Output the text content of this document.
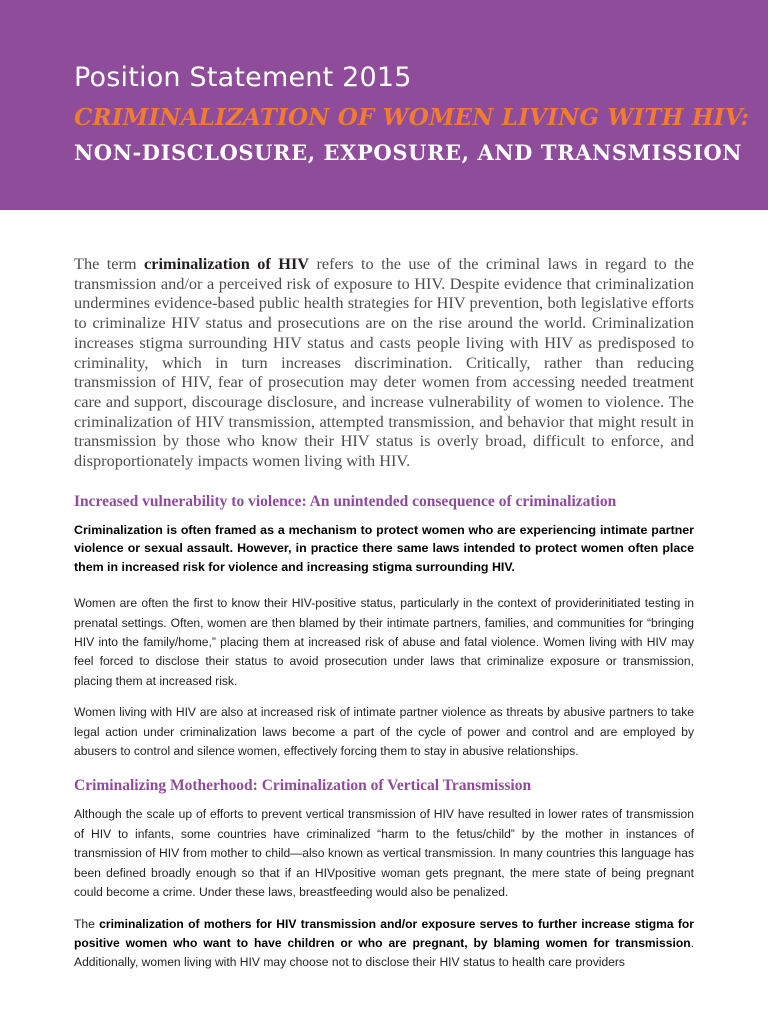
Position Statement 2015
CRIMINALIZATION OF WOMEN LIVING WITH HIV:
NON-DISCLOSURE, EXPOSURE, AND TRANSMISSION

The term criminalization of HIV refers to the use of the criminal laws in regard to the transmission and/or a perceived risk of exposure to HIV. Despite evidence that criminalization undermines evidence-based public health strategies for HIV prevention, both legislative efforts to criminalize HIV status and prosecutions are on the rise around the world. Criminalization increases stigma surrounding HIV status and casts people living with HIV as predisposed to criminality, which in turn increases discrimination. Critically, rather than reducing transmission of HIV, fear of prosecution may deter women from accessing needed treatment care and support, discourage disclosure, and increase vulnerability of women to violence. The criminalization of HIV transmission, attempted transmission, and behavior that might result in transmission by those who know their HIV status is overly broad, difficult to enforce, and disproportionately impacts women living with HIV.

Increased vulnerability to violence: An unintended consequence of criminalization

Criminalization is often framed as a mechanism to protect women who are experiencing intimate partner violence or sexual assault. However, in practice there same laws intended to protect women often place them in increased risk for violence and increasing stigma surrounding HIV.

Women are often the first to know their HIV-positive status, particularly in the context of providerinitiated testing in prenatal settings. Often, women are then blamed by their intimate partners, families, and communities for “bringing HIV into the family/home,” placing them at increased risk of abuse and fatal violence. Women living with HIV may feel forced to disclose their status to avoid prosecution under laws that criminalize exposure or transmission, placing them at increased risk.

Women living with HIV are also at increased risk of intimate partner violence as threats by abusive partners to take legal action under criminalization laws become a part of the cycle of power and control and are employed by abusers to control and silence women, effectively forcing them to stay in abusive relationships.

Criminalizing Motherhood: Criminalization of Vertical Transmission

Although the scale up of efforts to prevent vertical transmission of HIV have resulted in lower rates of transmission of HIV to infants, some countries have criminalized “harm to the fetus/child” by the mother in instances of transmission of HIV from mother to child—also known as vertical transmission. In many countries this language has been defined broadly enough so that if an HIVpositive woman gets pregnant, the mere state of being pregnant could become a crime. Under these laws, breastfeeding would also be penalized.

The criminalization of mothers for HIV transmission and/or exposure serves to further increase stigma for positive women who want to have children or who are pregnant, by blaming women for transmission. Additionally, women living with HIV may choose not to disclose their HIV status to health care providers
